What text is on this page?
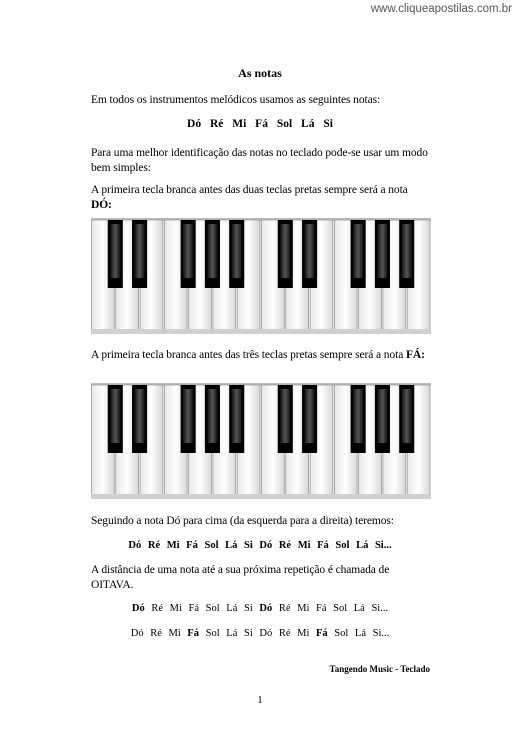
www.cliqueapostilas.com.br
As notas
Em todos os instrumentos melódicos usamos as seguintes notas:
Dó Ré Mi Fá Sol Lá Si
Para uma melhor identificação das notas no teclado pode-se usar um modo bem simples:
A primeira tecla branca antes das duas teclas pretas sempre será a nota DÓ:
A primeira tecla branca antes das três teclas pretas sempre será a nota FÁ:
Seguindo a nota Dó para cima (da esquerda para a direita) teremos:
Dó Ré Mi Fá Sol Lá Si Dó Ré Mi Fá Sol Lá Si...
A distância de uma nota até a sua próxima repetição é chamada de OITAVA.
Dó Ré Mi Fá Sol Lá Si Dó Ré Mi Fá Sol Lá Si...
Dó Ré Mi Fá Sol Lá Si Dó Ré Mi Fá Sol Lá Si...
Tangendo Music - Teclado
1
